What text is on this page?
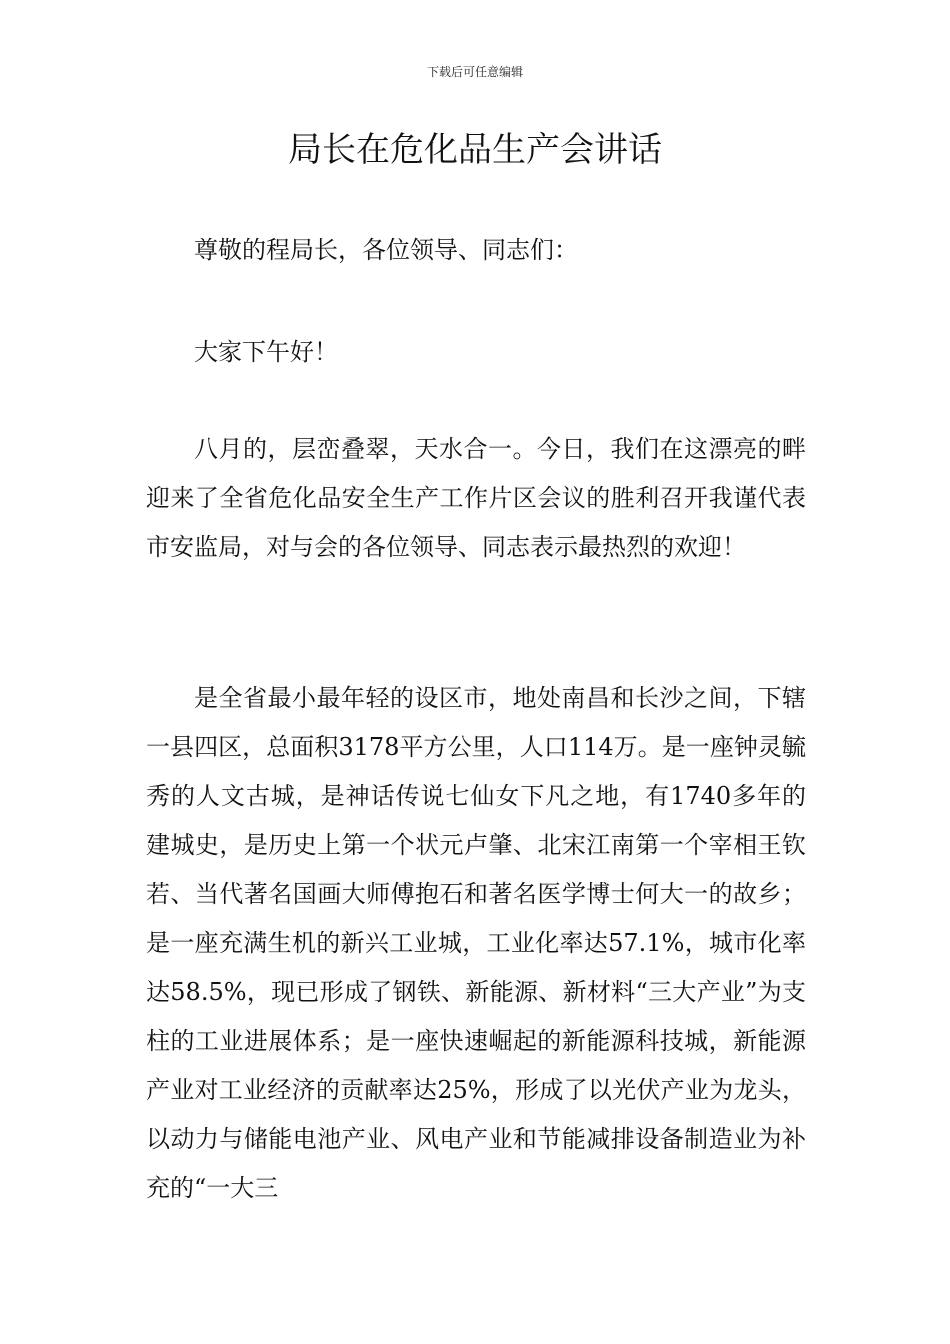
下载后可任意编辑
局长在危化品生产会讲话

尊敬的程局长，各位领导、同志们：

大家下午好！

八月的，层峦叠翠，天水合一。今日，我们在这漂亮的畔迎来了全省危化品安全生产工作片区会议的胜利召开我谨代表市安监局，对与会的各位领导、同志表示最热烈的欢迎！

是全省最小最年轻的设区市，地处南昌和长沙之间，下辖一县四区，总面积3178平方公里，人口114万。是一座钟灵毓秀的人文古城，是神话传说七仙女下凡之地，有1740多年的建城史，是历史上第一个状元卢肇、北宋江南第一个宰相王钦若、当代著名国画大师傅抱石和著名医学博士何大一的故乡；是一座充满生机的新兴工业城，工业化率达57.1%，城市化率达58.5%，现已形成了钢铁、新能源、新材料“三大产业”为支柱的工业进展体系；是一座快速崛起的新能源科技城，新能源产业对工业经济的贡献率达25%，形成了以光伏产业为龙头，以动力与储能电池产业、风电产业和节能减排设备制造业为补充的“一大三
